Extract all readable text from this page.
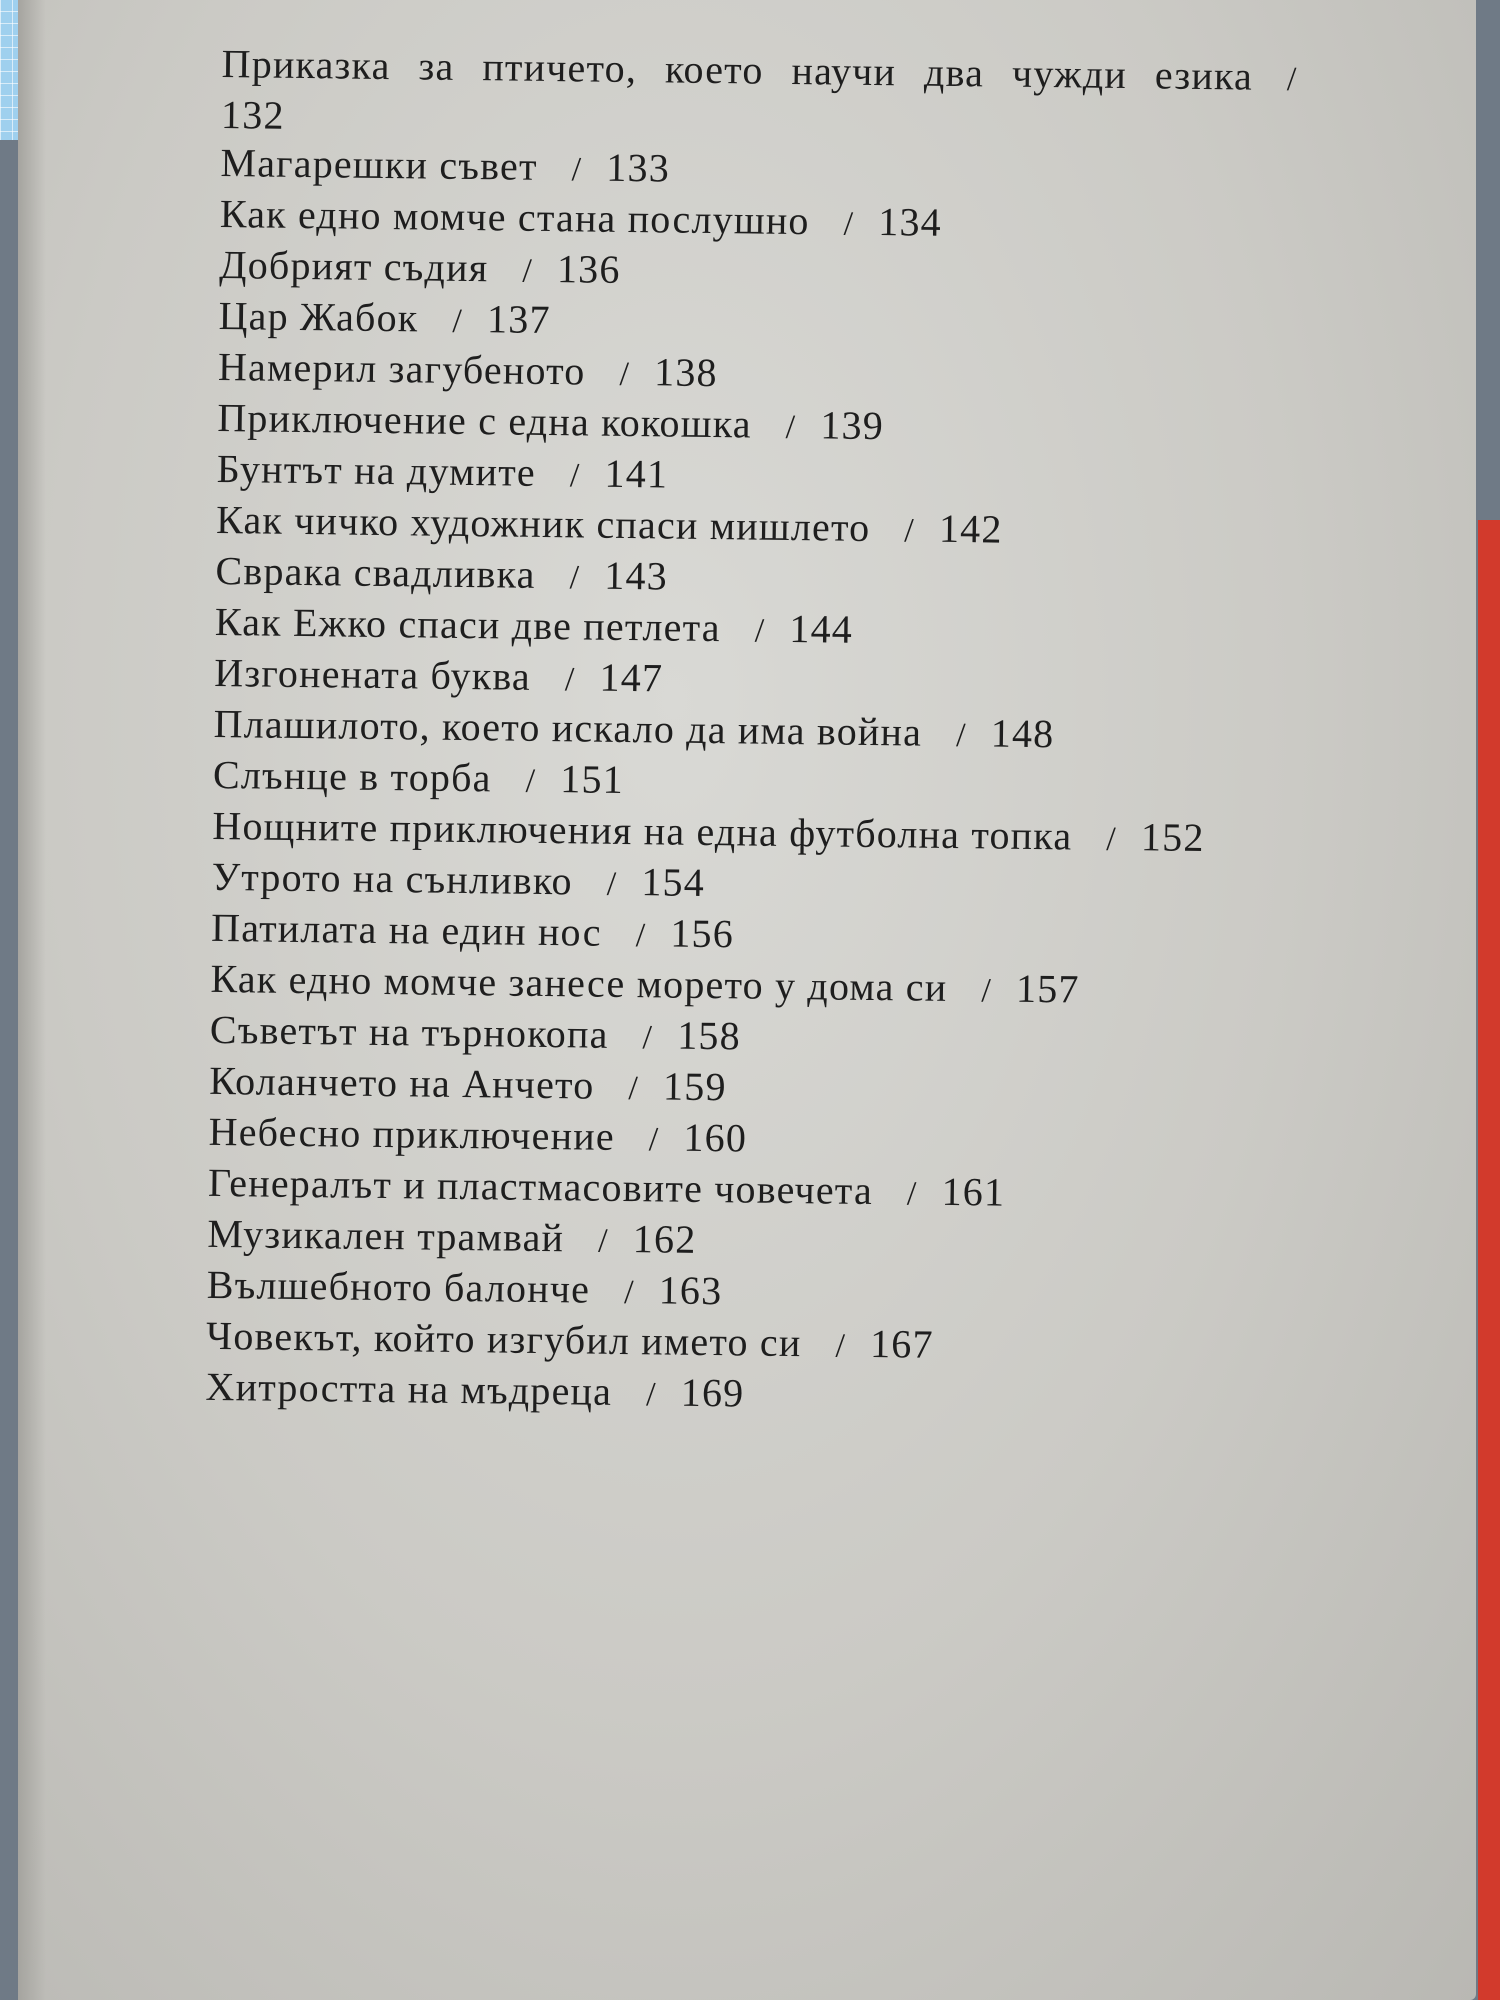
Приказка за птичето, което научи два чужди езика /132
Магарешки съвет / 133
Как едно момче стана послушно / 134
Добрият съдия / 136
Цар Жабок / 137
Намерил загубеното / 138
Приключение с една кокошка / 139
Бунтът на думите / 141
Как чичко художник спаси мишлето / 142
Сврака свадливка / 143
Как Ежко спаси две петлета / 144
Изгонената буква / 147
Плашилото, което искало да има война / 148
Слънце в торба / 151
Нощните приключения на една футболна топка / 152
Утрото на сънливко / 154
Патилата на един нос / 156
Как едно момче занесе морето у дома си / 157
Съветът на търнокопа / 158
Коланчето на Анчето / 159
Небесно приключение / 160
Генералът и пластмасовите човечета / 161
Музикален трамвай / 162
Вълшебното балонче / 163
Човекът, който изгубил името си / 167
Хитростта на мъдреца / 169
